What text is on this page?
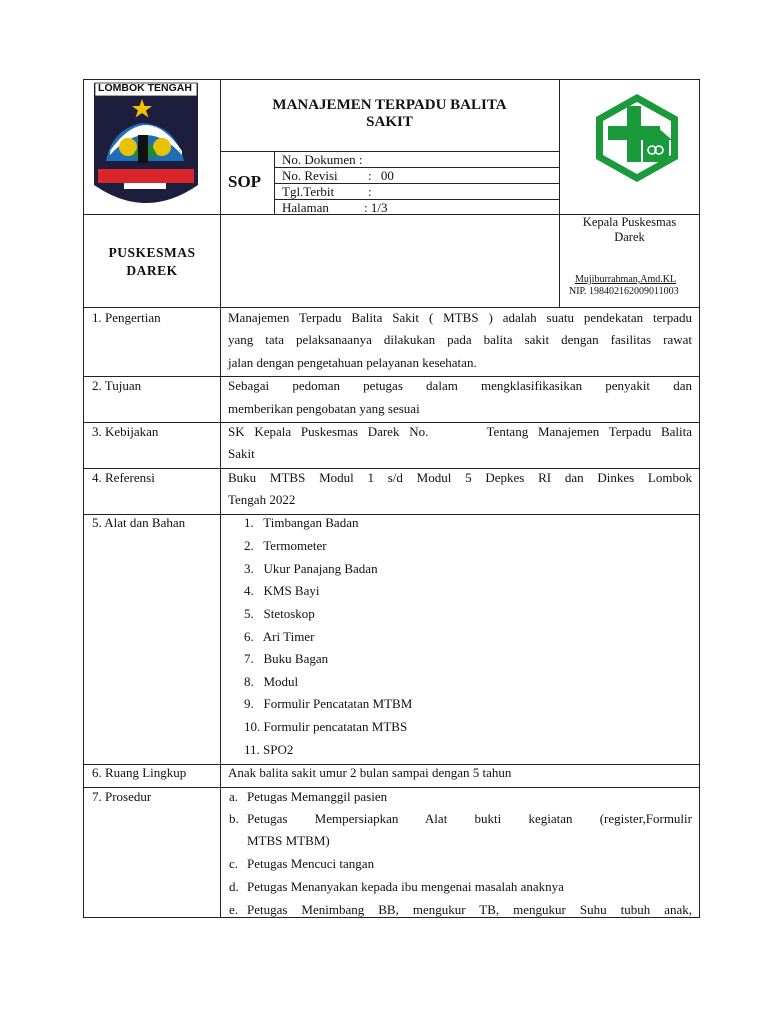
LOMBOK TENGAH
MANAJEMEN TERPADU BALITA
SAKIT
SOP
No. Dokumen :
No. Revisi : 00
Tgl.Terbit	:
Halaman	: 1/3
PUSKESMAS
DAREK
Kepala Puskesmas
Darek
Mujiburrahman,Amd.KL
NIP. 198402162009011003
1. Pengertian	Manajemen Terpadu Balita Sakit ( MTBS ) adalah suatu pendekatan terpadu
yang tata pelaksanaanya dilakukan pada balita sakit dengan fasilitas rawat
jalan dengan pengetahuan pelayanan kesehatan.
2. Tujuan	Sebagai pedoman petugas dalam mengklasifikasikan penyakit dan
memberikan pengobatan yang sesuai
3. Kebijakan	SK Kepala Puskesmas Darek No.      Tentang Manajemen Terpadu Balita
Sakit
4. Referensi	Buku MTBS Modul 1 s/d Modul 5 Depkes RI dan Dinkes Lombok
Tengah 2022
5. Alat dan Bahan	1.   Timbangan Badan
2.   Termometer
3.   Ukur Panajang Badan
4.   KMS Bayi
5.   Stetoskop
6.   Ari Timer
7.   Buku Bagan
8.   Modul
9.   Formulir Pencatatan MTBM
10. Formulir pencatatan MTBS
11. SPO2
6. Ruang Lingkup	Anak balita sakit umur 2 bulan sampai dengan 5 tahun
7. Prosedur	a. Petugas Memanggil pasien
b. Petugas Mempersiapkan Alat bukti kegiatan (register,Formulir
MTBS MTBM)
c. Petugas Mencuci tangan
d. Petugas Menanyakan kepada ibu mengenai masalah anaknya
e. Petugas Menimbang BB, mengukur TB, mengukur Suhu tubuh anak,
